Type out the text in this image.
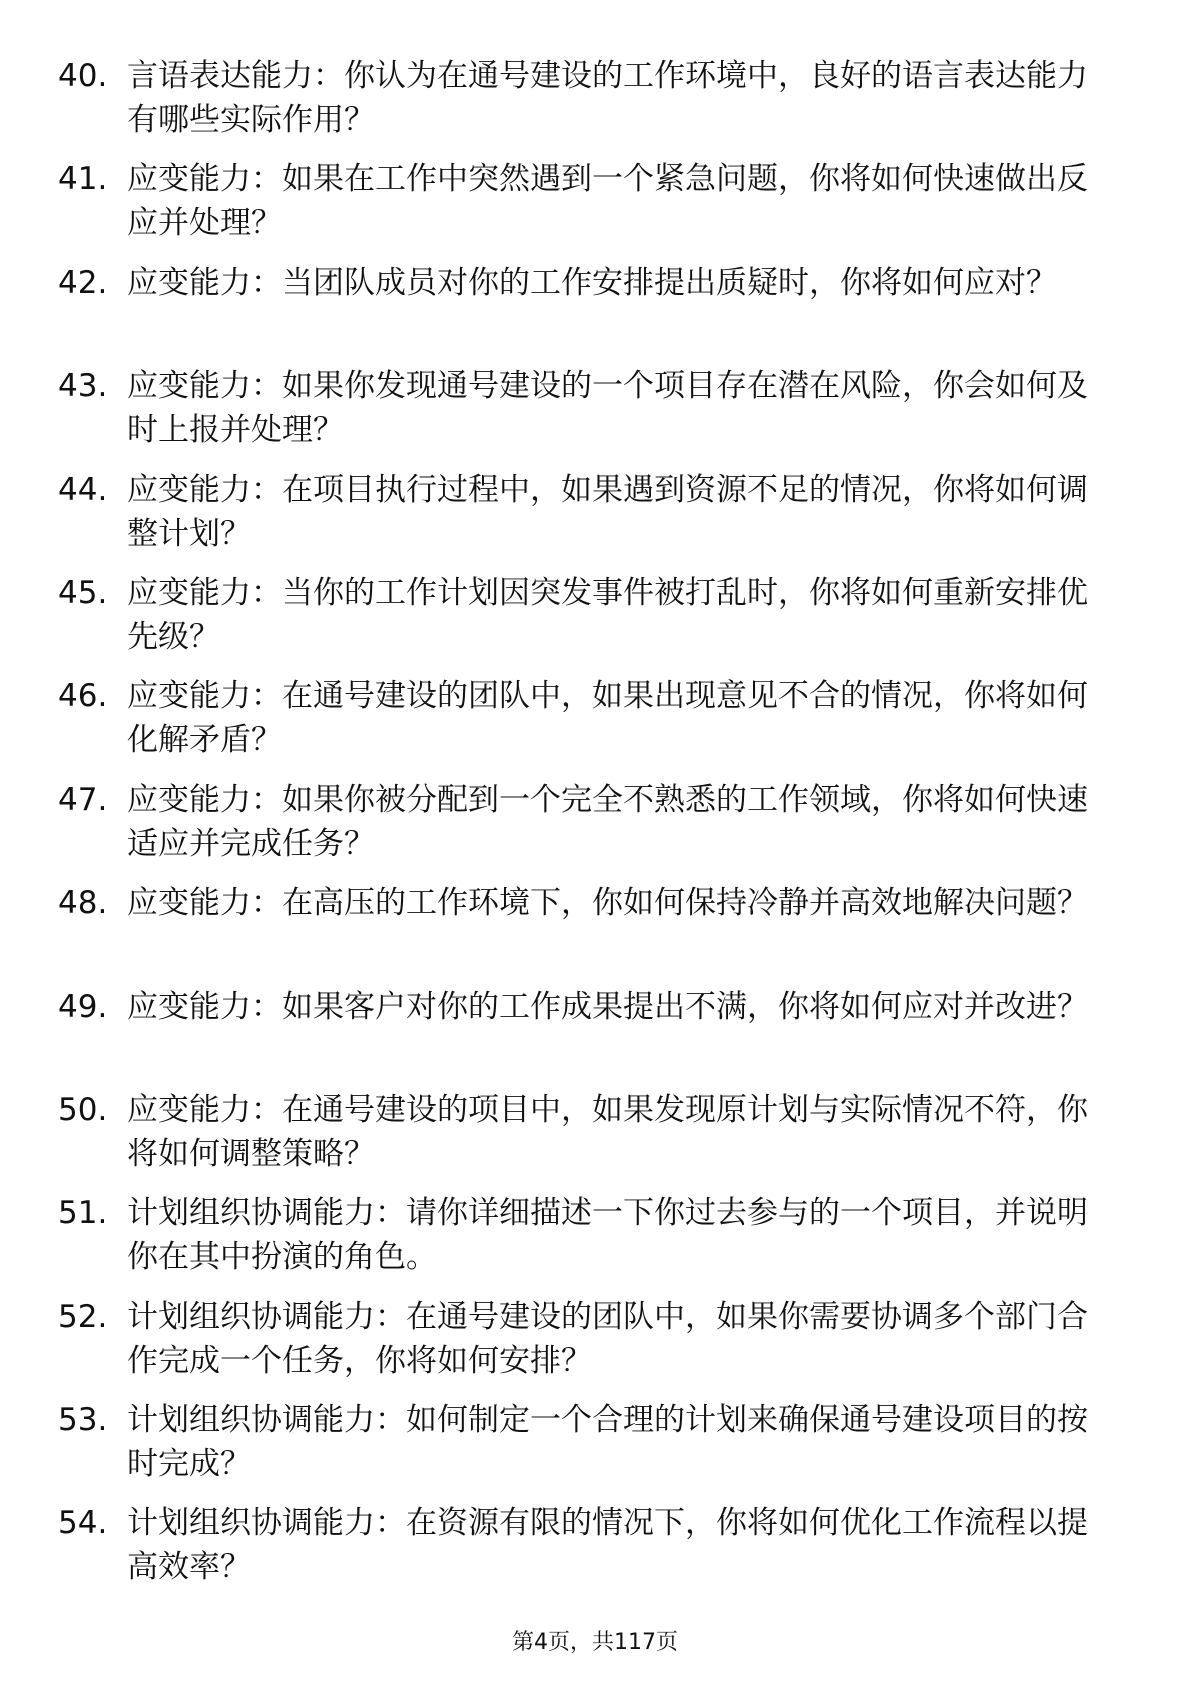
40. 言语表达能力：你认为在通号建设的工作环境中，良好的语言表达能力有哪些实际作用？
41. 应变能力：如果在工作中突然遇到一个紧急问题，你将如何快速做出反应并处理？
42. 应变能力：当团队成员对你的工作安排提出质疑时，你将如何应对？
43. 应变能力：如果你发现通号建设的一个项目存在潜在风险，你会如何及时上报并处理？
44. 应变能力：在项目执行过程中，如果遇到资源不足的情况，你将如何调整计划？
45. 应变能力：当你的工作计划因突发事件被打乱时，你将如何重新安排优先级？
46. 应变能力：在通号建设的团队中，如果出现意见不合的情况，你将如何化解矛盾？
47. 应变能力：如果你被分配到一个完全不熟悉的工作领域，你将如何快速适应并完成任务？
48. 应变能力：在高压的工作环境下，你如何保持冷静并高效地解决问题？
49. 应变能力：如果客户对你的工作成果提出不满，你将如何应对并改进？
50. 应变能力：在通号建设的项目中，如果发现原计划与实际情况不符，你将如何调整策略？
51. 计划组织协调能力：请你详细描述一下你过去参与的一个项目，并说明你在其中扮演的角色。
52. 计划组织协调能力：在通号建设的团队中，如果你需要协调多个部门合作完成一个任务，你将如何安排？
53. 计划组织协调能力：如何制定一个合理的计划来确保通号建设项目的按时完成？
54. 计划组织协调能力：在资源有限的情况下，你将如何优化工作流程以提高效率？
第4页，共117页
